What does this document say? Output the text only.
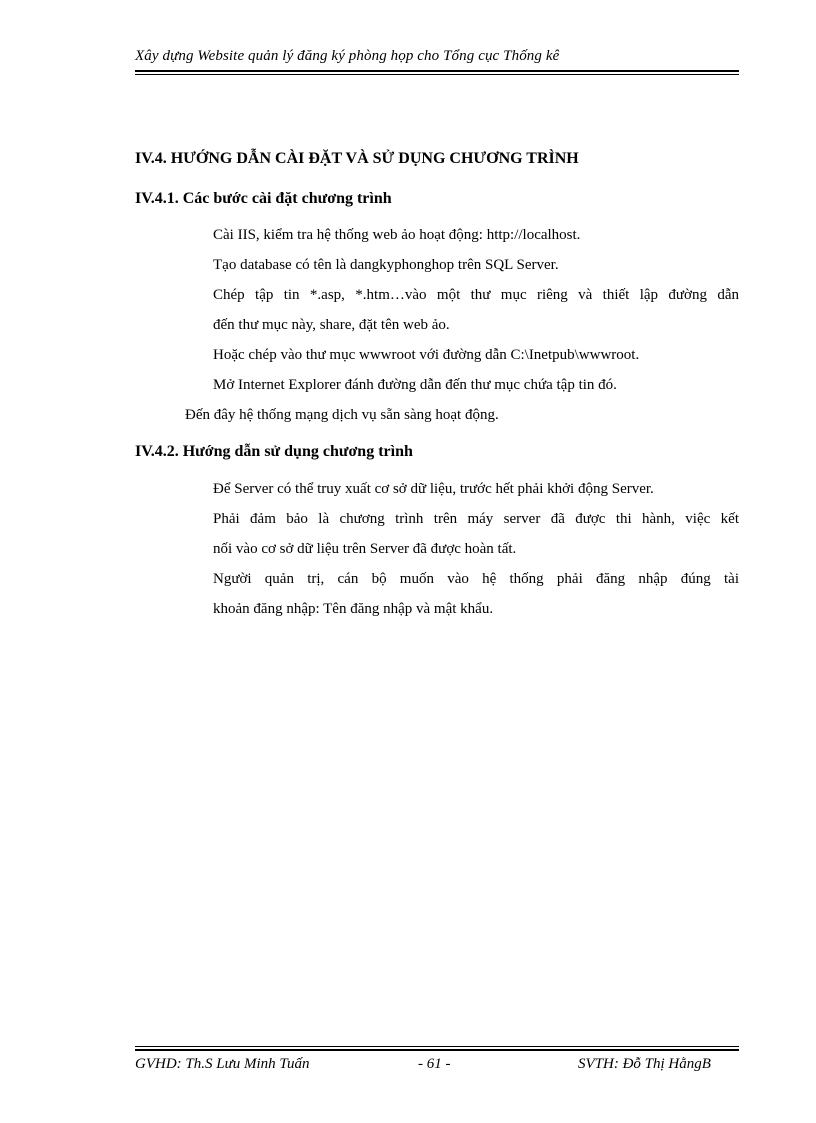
Xây dựng Website quản lý đăng ký phòng họp cho Tổng cục Thống kê
IV.4. HƯỚNG DẪN CÀI ĐẶT VÀ SỬ DỤNG CHƯƠNG TRÌNH
IV.4.1. Các bước cài đặt chương trình
Cài IIS, kiểm tra hệ thống web ảo hoạt động: http://localhost.
Tạo database có tên là dangkyphonghop trên SQL Server.
Chép tập tin *.asp, *.htm…vào một thư mục riêng và thiết lập đường dẫn
đến thư mục này, share, đặt tên web ảo.
Hoặc chép vào thư mục wwwroot với đường dẫn C:\Inetpub\wwwroot.
Mở Internet Explorer đánh đường dẫn đến thư mục chứa tập tin đó.
Đến đây hệ thống mạng dịch vụ sẵn sàng hoạt động.
IV.4.2. Hướng dẫn sử dụng chương trình
Để Server có thể truy xuất cơ sở dữ liệu, trước hết phải khởi động Server.
Phải đảm bảo là chương trình trên máy server đã được thi hành, việc kết
nối vào cơ sở dữ liệu trên Server đã được hoàn tất.
Người quản trị, cán bộ muốn vào hệ thống phải đăng nhập đúng tài
khoản đăng nhập: Tên đăng nhập và mật khẩu.
GVHD: Th.S Lưu Minh Tuấn	- 61 -	SVTH: Đỗ Thị HằngB
